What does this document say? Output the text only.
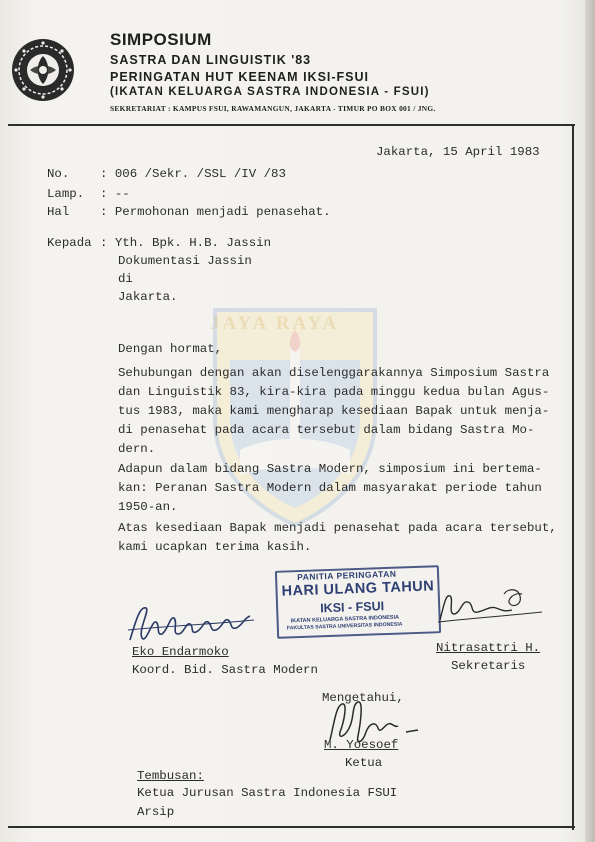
SIMPOSIUM
SASTRA DAN LINGUISTIK '83
PERINGATAN HUT KEENAM IKSI-FSUI
(IKATAN KELUARGA SASTRA INDONESIA - FSUI)
SEKRETARIAT : KAMPUS FSUI, RAWAMANGUN, JAKARTA - TIMUR PO BOX 001 / JNG.
JAYA RAYA
Jakarta, 15 April 1983
No. : 006 /Sekr. /SSL /IV /83
Lamp. : --
Hal : Permohonan menjadi penasehat.
Kepada : Yth. Bpk. H.B. Jassin
Dokumentasi Jassin
di
Jakarta.
Dengan hormat,
Sehubungan dengan akan diselenggarakannya Simposium Sastra
dan Linguistik 83, kira-kira pada minggu kedua bulan Agus-
tus 1983, maka kami mengharap kesediaan Bapak untuk menja-
di penasehat pada acara tersebut dalam bidang Sastra Mo-
dern.
Adapun dalam bidang Sastra Modern, simposium ini bertema-
kan: Peranan Sastra Modern dalam masyarakat periode tahun
1950-an.
Atas kesediaan Bapak menjadi penasehat pada acara tersebut,
kami ucapkan terima kasih.
PANITIA PERINGATAN
HARI ULANG TAHUN
IKSI - FSUI
IKATAN KELUARGA SASTRA INDONESIA
FAKULTAS SASTRA UNIVERSITAS INDONESIA
Eko Endarmoko
Koord. Bid. Sastra Modern
Nitrasattri H.
Sekretaris
Mengetahui,
M. Yoesoef
Ketua
Tembusan:
Ketua Jurusan Sastra Indonesia FSUI
Arsip
